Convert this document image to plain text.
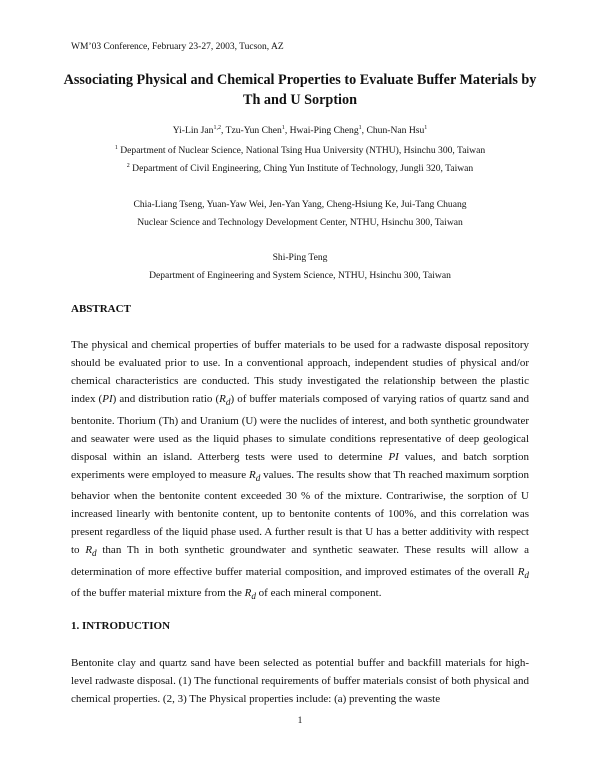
WM’03 Conference, February 23-27, 2003, Tucson, AZ
Associating Physical and Chemical Properties to Evaluate Buffer Materials by
Th and U Sorption
Yi-Lin Jan$^{1,2}$, Tzu-Yun Chen$^1$, Hwai-Ping Cheng$^1$, Chun-Nan Hsu$^1$
$^1$ Department of Nuclear Science, National Tsing Hua University (NTHU), Hsinchu 300, Taiwan
$^2$ Department of Civil Engineering, Ching Yun Institute of Technology, Jungli 320, Taiwan
Chia-Liang Tseng, Yuan-Yaw Wei, Jen-Yan Yang, Cheng-Hsiung Ke, Jui-Tang Chuang
Nuclear Science and Technology Development Center, NTHU, Hsinchu 300, Taiwan
Shi-Ping Teng
Department of Engineering and System Science, NTHU, Hsinchu 300, Taiwan
ABSTRACT
The physical and chemical properties of buffer materials to be used for a radwaste disposal repository should be evaluated prior to use. In a conventional approach, independent studies of physical and/or chemical characteristics are conducted. This study investigated the relationship between the plastic index (PI) and distribution ratio $(R_d)$ of buffer materials composed of varying ratios of quartz sand and bentonite. Thorium (Th) and Uranium (U) were the nuclides of interest, and both synthetic groundwater and seawater were used as the liquid phases to simulate conditions representative of deep geological disposal within an island. Atterberg tests were used to determine PI values, and batch sorption experiments were employed to measure $R_d$ values. The results show that Th reached maximum sorption behavior when the bentonite content exceeded 30 % of the mixture. Contrariwise, the sorption of U increased linearly with bentonite content, up to bentonite contents of 100%, and this correlation was present regardless of the liquid phase used. A further result is that U has a better additivity with respect to $R_d$ than Th in both synthetic groundwater and synthetic seawater. These results will allow a determination of more effective buffer material composition, and improved estimates of the overall $R_d$ of the buffer material mixture from the $R_d$ of each mineral component.
1. INTRODUCTION
Bentonite clay and quartz sand have been selected as potential buffer and backfill materials for high-level radwaste disposal. (1) The functional requirements of buffer materials consist of both physical and chemical properties. (2, 3) The Physical properties include: (a) preventing the waste
1
